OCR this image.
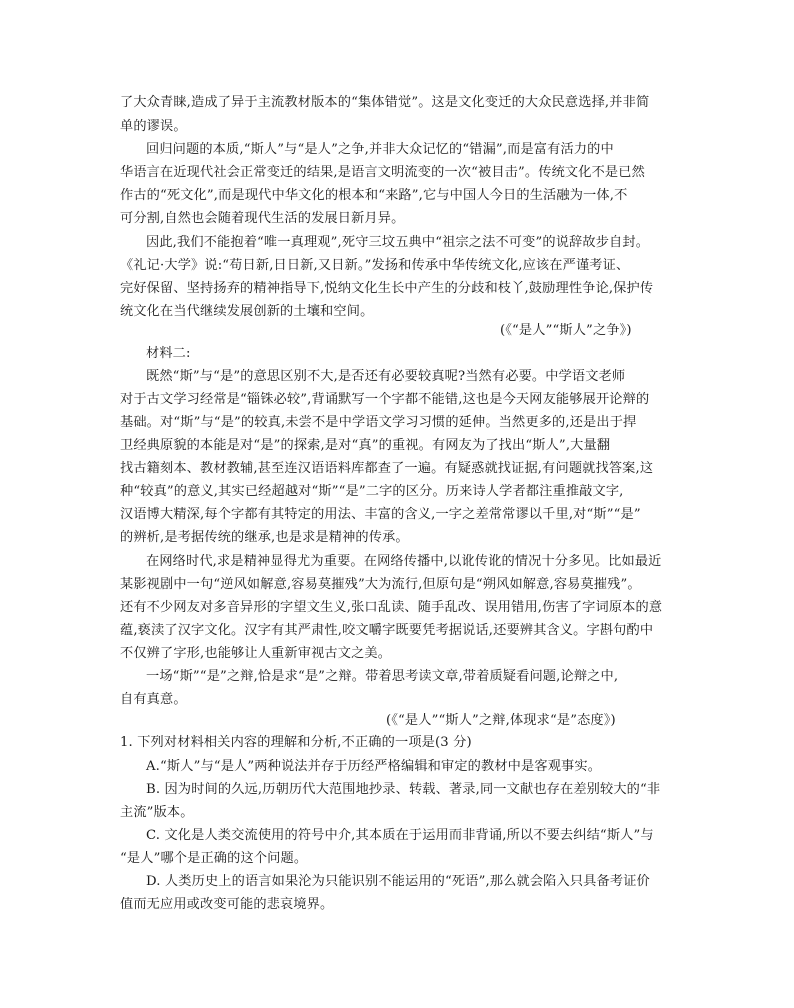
了大众青睐,造成了异于主流教材版本的“集体错觉”。这是文化变迁的大众民意选择,并非简
单的谬误。
回归问题的本质,“斯人”与“是人”之争,并非大众记忆的“错漏”,而是富有活力的中
华语言在近现代社会正常变迁的结果,是语言文明流变的一次“被目击”。传统文化不是已然
作古的“死文化”,而是现代中华文化的根本和“来路”,它与中国人今日的生活融为一体,不
可分割,自然也会随着现代生活的发展日新月异。
因此,我们不能抱着“唯一真理观”,死守三坟五典中“祖宗之法不可变”的说辞故步自封。
《礼记·大学》说:“苟日新,日日新,又日新。”发扬和传承中华传统文化,应该在严谨考证、
完好保留、坚持扬弃的精神指导下,悦纳文化生长中产生的分歧和枝丫,鼓励理性争论,保护传
统文化在当代继续发展创新的土壤和空间。
(《“是人”“斯人”之争》)
材料二:
既然“斯”与“是”的意思区别不大,是否还有必要较真呢?当然有必要。中学语文老师
对于古文学习经常是“锱铢必较”,背诵默写一个字都不能错,这也是今天网友能够展开论辩的
基础。对“斯”与“是”的较真,未尝不是中学语文学习习惯的延伸。当然更多的,还是出于捍
卫经典原貌的本能是对“是”的探索,是对“真”的重视。有网友为了找出“斯人”,大量翻
找古籍刻本、教材教辅,甚至连汉语语料库都查了一遍。有疑惑就找证据,有问题就找答案,这
种“较真”的意义,其实已经超越对“斯”“是”二字的区分。历来诗人学者都注重推敲文字,
汉语博大精深,每个字都有其特定的用法、丰富的含义,一字之差常常谬以千里,对“斯”“是”
的辨析,是考据传统的继承,也是求是精神的传承。
在网络时代,求是精神显得尤为重要。在网络传播中,以讹传讹的情况十分多见。比如最近
某影视剧中一句“逆风如解意,容易莫摧残”大为流行,但原句是“朔风如解意,容易莫摧残”。
还有不少网友对多音异形的字望文生义,张口乱读、随手乱改、误用错用,伤害了字词原本的意
蕴,亵渎了汉字文化。汉字有其严肃性,咬文嚼字既要凭考据说话,还要辨其含义。字斟句酌中
不仅辨了字形,也能够让人重新审视古文之美。
一场“斯”“是”之辩,恰是求“是”之辩。带着思考读文章,带着质疑看问题,论辩之中,
自有真意。
(《“是人”“斯人”之辩,体现求“是”态度》)
1. 下列对材料相关内容的理解和分析,不正确的一项是(3 分)
A.“斯人”与“是人”两种说法并存于历经严格编辑和审定的教材中是客观事实。
B. 因为时间的久远,历朝历代大范围地抄录、转载、著录,同一文献也存在差别较大的“非
主流”版本。
C. 文化是人类交流使用的符号中介,其本质在于运用而非背诵,所以不要去纠结“斯人”与
“是人”哪个是正确的这个问题。
D. 人类历史上的语言如果沦为只能识别不能运用的“死语”,那么就会陷入只具备考证价
值而无应用或改变可能的悲哀境界。
